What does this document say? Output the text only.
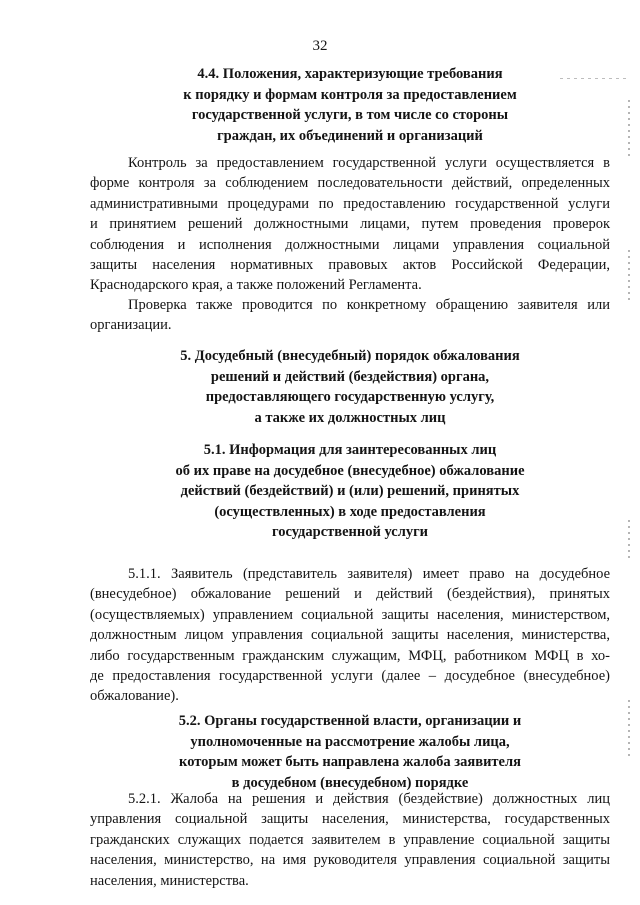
32
4.4. Положения, характеризующие требования
к порядку и формам контроля за предоставлением
государственной услуги, в том числе со стороны
граждан, их объединений и организаций
Контроль за предоставлением государственной услуги осуществляется в
форме контроля за соблюдением последовательности действий, определенных
административными процедурами по предоставлению государственной услуги
и принятием решений должностными лицами, путем проведения проверок
соблюдения и исполнения должностными лицами управления социальной
защиты населения нормативных правовых актов Российской Федерации,
Краснодарского края, а также положений Регламента.
Проверка также проводится по конкретному обращению заявителя или
организации.
5. Досудебный (внесудебный) порядок обжалования
решений и действий (бездействия) органа,
предоставляющего государственную услугу,
а также их должностных лиц
5.1. Информация для заинтересованных лиц
об их праве на досудебное (внесудебное) обжалование
действий (бездействий) и (или) решений, принятых
(осуществленных) в ходе предоставления
государственной услуги
5.1.1. Заявитель (представитель заявителя) имеет право на досудебное
(внесудебное) обжалование решений и действий (бездействия), принятых
(осуществляемых) управлением социальной защиты населения, министерством,
должностным лицом управления социальной защиты населения, министерства,
либо государственным гражданским служащим, МФЦ, работником МФЦ в хо-
де предоставления государственной услуги (далее – досудебное (внесудебное)
обжалование).
5.2. Органы государственной власти, организации и
уполномоченные на рассмотрение жалобы лица,
которым может быть направлена жалоба заявителя
в досудебном (внесудебном) порядке
5.2.1. Жалоба на решения и действия (бездействие) должностных лиц
управления социальной защиты населения, министерства, государственных
гражданских служащих подается заявителем в управление социальной защиты
населения, министерство, на имя руководителя управления социальной защиты
населения, министерства.
